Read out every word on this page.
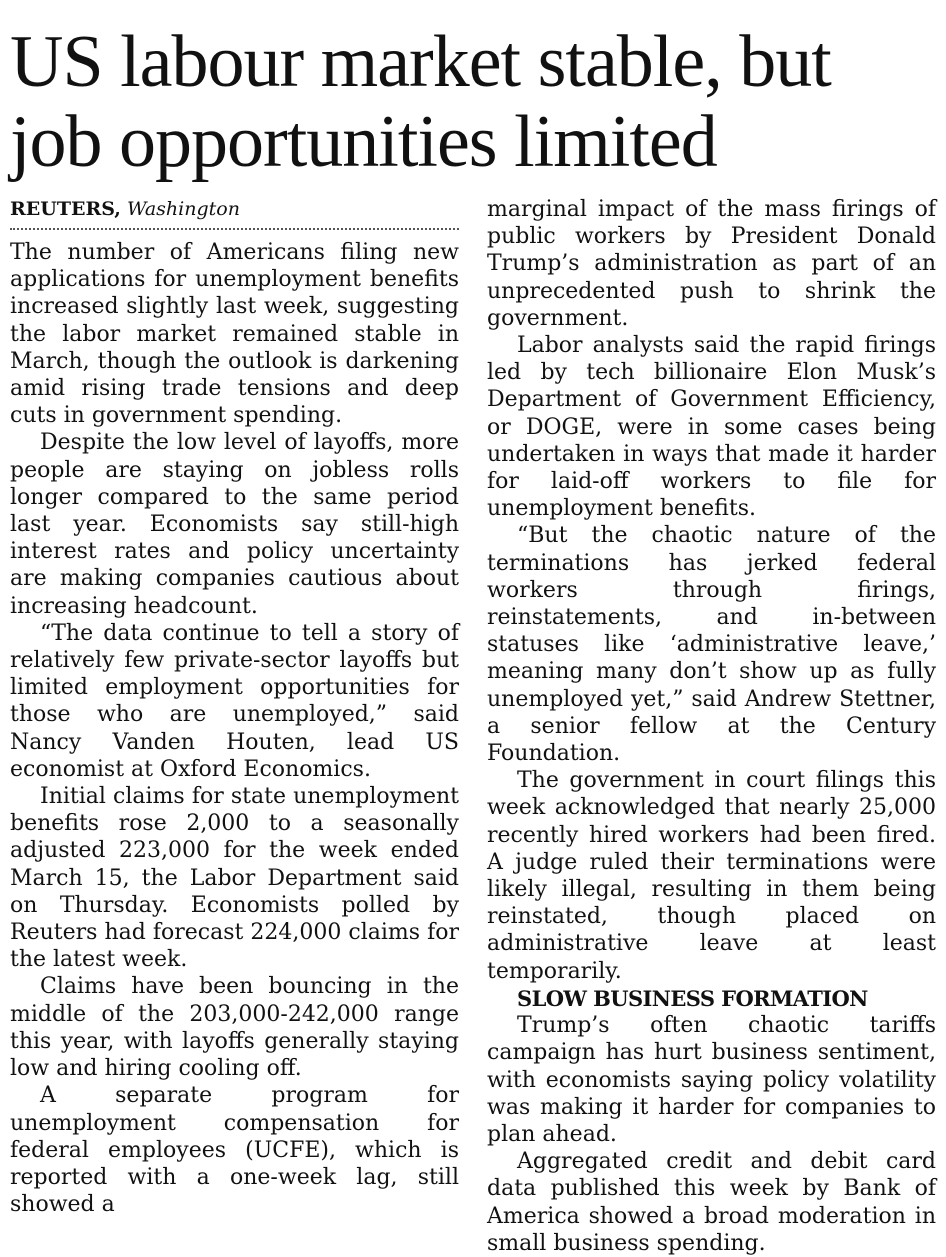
US labour market stable, but job opportunities limited
REUTERS, Washington

The number of Americans filing new applications for unemployment benefits increased slightly last week, suggesting the labor market remained stable in March, though the outlook is darkening amid rising trade tensions and deep cuts in government spending.

Despite the low level of layoffs, more people are staying on jobless rolls longer compared to the same period last year. Economists say still-high interest rates and policy uncertainty are making companies cautious about increasing headcount.

“The data continue to tell a story of relatively few private-sector layoffs but limited employment opportunities for those who are unemployed,” said Nancy Vanden Houten, lead US economist at Oxford Economics.

Initial claims for state unemployment benefits rose 2,000 to a seasonally adjusted 223,000 for the week ended March 15, the Labor Department said on Thursday. Economists polled by Reuters had forecast 224,000 claims for the latest week.

Claims have been bouncing in the middle of the 203,000-242,000 range this year, with layoffs generally staying low and hiring cooling off.

A separate program for unemployment compensation for federal employees (UCFE), which is reported with a one-week lag, still showed a

marginal impact of the mass firings of public workers by President Donald Trump’s administration as part of an unprecedented push to shrink the government.

Labor analysts said the rapid firings led by tech billionaire Elon Musk’s Department of Government Efficiency, or DOGE, were in some cases being undertaken in ways that made it harder for laid-off workers to file for unemployment benefits.

“But the chaotic nature of the terminations has jerked federal workers through firings, reinstatements, and in-between statuses like ‘administrative leave,’ meaning many don’t show up as fully unemployed yet,” said Andrew Stettner, a senior fellow at the Century Foundation.

The government in court filings this week acknowledged that nearly 25,000 recently hired workers had been fired. A judge ruled their terminations were likely illegal, resulting in them being reinstated, though placed on administrative leave at least temporarily.

SLOW BUSINESS FORMATION

Trump’s often chaotic tariffs campaign has hurt business sentiment, with economists saying policy volatility was making it harder for companies to plan ahead.

Aggregated credit and debit card data published this week by Bank of America showed a broad moderation in small business spending.
